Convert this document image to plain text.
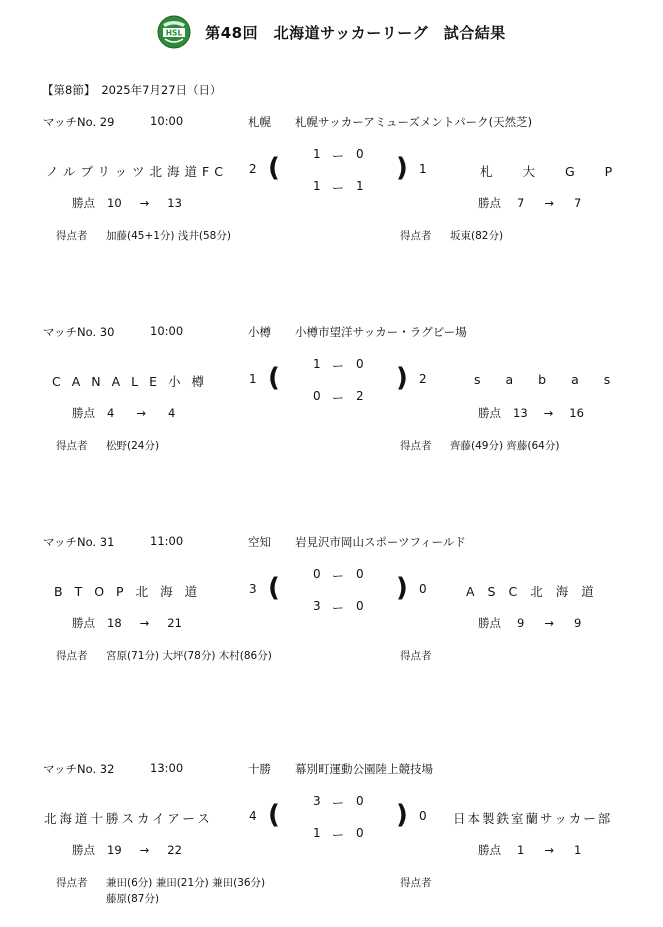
HSL 第48回　北海道サッカーリーグ　試合結果
【第8節】 2025年7月27日（日）
マッチNo. 29	10:00	札幌 札幌サッカーアミューズメントパーク(天然芝)
ノルブリッツ北海道FC 2 (	1 ー 0
1 ー 1
) 1	札大GP
勝点 10 → 13	勝点 7 → 7
得点者 加藤(45+1分) 浅井(58分)	得点者 坂東(82分)
マッチNo. 30	10:00	小樽 小樽市望洋サッカー・ラグビー場
CANALE小樽	1 (	1 ー 0
0 ー 2
) 2	sabas
勝点 4 → 4	勝点 13 → 16
得点者 松野(24分)	得点者 齊藤(49分) 齊藤(64分)
マッチNo. 31	11:00	空知 岩見沢市岡山スポーツフィールド
BTOP北海道	3 (	0 ー 0
3 ー 0
) 0	ASC北海道
勝点 18 → 21	勝点 9 → 9
得点者 宮原(71分) 大坪(78分) 木村(86分)	得点者
マッチNo. 32	13:00	十勝 幕別町運動公園陸上競技場
北海道十勝スカイアース	4 (	3 ー 0
1 ー 0
) 0 日本製鉄室蘭サッカー部
勝点 19 → 22	勝点 1 → 1
得点者 兼田(6分) 兼田(21分) 兼田(36分)
藤原(87分)
得点者
